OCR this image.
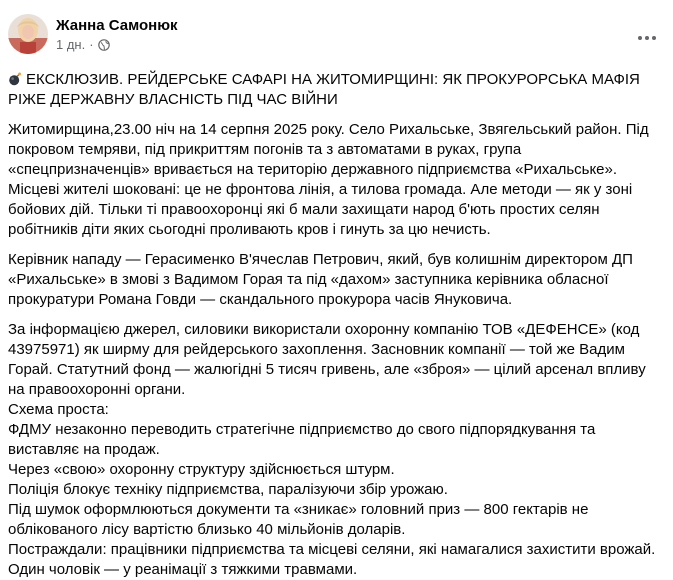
Жанна Самонюк
1 дн. ·
ЕКСКЛЮЗИВ. РЕЙДЕРСЬКЕ САФАРІ НА ЖИТОМИРЩИНІ: ЯК ПРОКУРОРСЬКА МАФІЯ РІЖЕ ДЕРЖАВНУ ВЛАСНІСТЬ ПІД ЧАС ВІЙНИ
Житомирщина,23.00 ніч на 14 серпня 2025 року. Село Рихальське, Звягельський район. Під покровом темряви, під прикриттям погонів та з автоматами в руках, група «спецпризначенців» вривається на територію державного підприємства «Рихальське».
Місцеві жителі шоковані: це не фронтова лінія, а тилова громада. Але методи — як у зоні бойових дій. Тільки ті правоохоронці які б мали захищати народ б'ють простих селян робітників діти яких сьогодні проливають кров і гинуть за цю нечисть.
Керівник нападу — Герасименко В'ячеслав Петрович, який, був колишнім директором ДП «Рихальське» в змові з Вадимом Горая та під «дахом» заступника керівника обласної прокуратури Романа Говди — скандального прокурора часів Януковича.
За інформацією джерел, силовики використали охоронну компанію ТОВ «ДЕФЕНСЕ» (код 43975971) як ширму для рейдерського захоплення. Засновник компанії — той же Вадим Горай. Статутний фонд — жалюгідні 5 тисяч гривень, але «зброя» — цілий арсенал впливу на правоохоронні органи.
Схема проста:
ФДМУ незаконно переводить стратегічне підприємство до свого підпорядкування та виставляє на продаж.
Через «свою» охоронну структуру здійснюється штурм.
Поліція блокує техніку підприємства, паралізуючи збір урожаю.
Під шумок оформлюються документи та «зникає» головний приз — 800 гектарів не облікованого лісу вартістю близько 40 мільйонів доларів.
Постраждали: працівники підприємства та місцеві селяни, які намагалися захистити врожай. Один чоловік — у реанімації з тяжкими травмами.
